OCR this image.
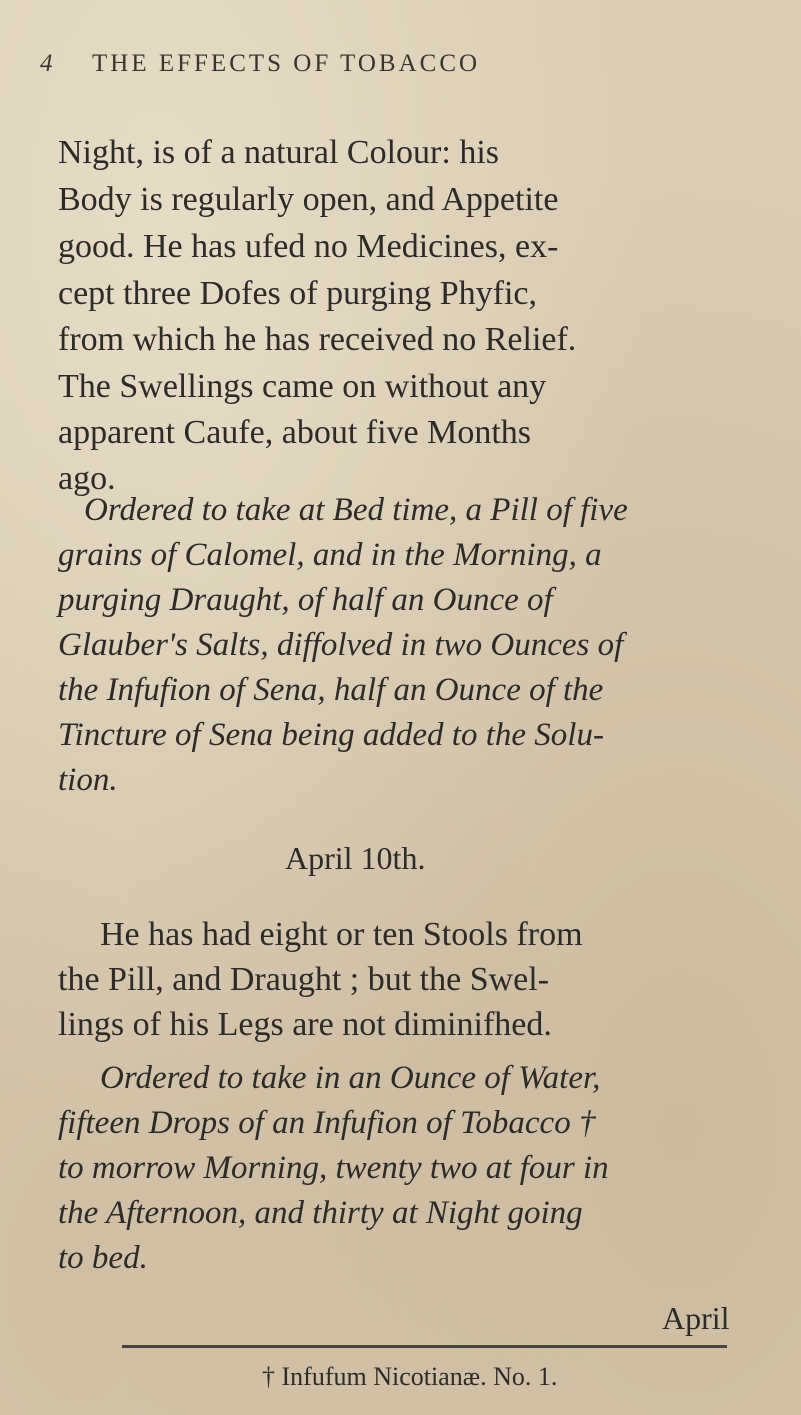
4 THE EFFECTS OF TOBACCO
Night, is of a natural Colour: his
Body is regularly open, and Appetite
good. He has ufed no Medicines, ex-
cept three Dofes of purging Phyfic,
from which he has received no Relief.
The Swellings came on without any
apparent Caufe, about five Months
ago.
Ordered to take at Bed time, a Pill of five
grains of Calomel, and in the Morning, a
purging Draught, of half an Ounce of
Glauber's Salts, diffolved in two Ounces of
the Infufion of Sena, half an Ounce of the
Tincture of Sena being added to the Solu-
tion.
April 10th.
He has had eight or ten Stools from
the Pill, and Draught ; but the Swel-
lings of his Legs are not diminifhed.
Ordered to take in an Ounce of Water,
fifteen Drops of an Infufion of Tobacco †
to morrow Morning, twenty two at four in
the Afternoon, and thirty at Night going
to bed.
April
† Infufum Nicotianæ. No. 1.
